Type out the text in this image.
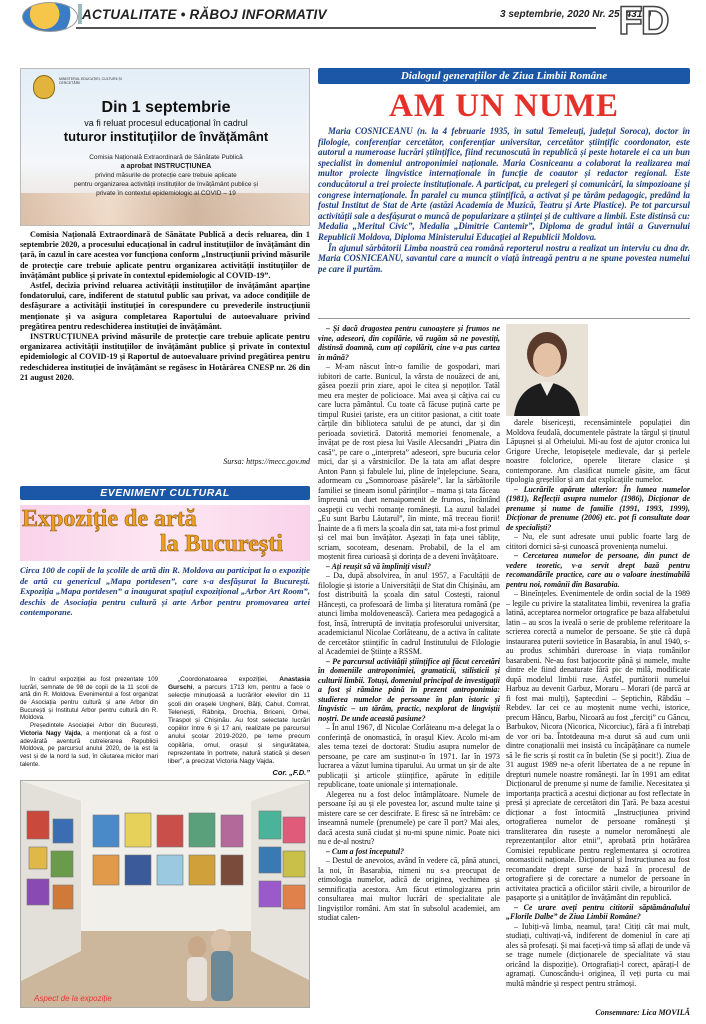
ACTUALITATE • RĂBOJ INFORMATIV	3 septembrie, 2020 Nr. 25 (4319)
FD
MINISTERUL EDUCAȚIEI, CULTURII ȘI CERCETĂRII
Din 1 septembrie
va fi reluat procesul educațional în cadrul
tuturor instituțiilor de învățământ
Comisia Națională Extraordinară de Sănătate Publică
a aprobat INSTRUCȚIUNEA
privind măsurile de protecție care trebuie aplicate
pentru organizarea activității instituțiilor de învățământ publice și
private în contextul epidemiologic al COVID – 19

Comisia Națională Extraordinară de Sănătate Publică a decis reluarea, din 1 septembrie 2020, a procesului educațional în cadrul instituțiilor de învățământ din țară, în cazul în care acestea vor funcționa conform „Instrucțiunii privind măsurile de protecție care trebuie aplicate pentru organizarea activității instituțiilor de învățământ publice și private în contextul epidemiologic al COVID-19”.

Astfel, decizia privind reluarea activității instituțiilor de învățământ aparține fondatorului, care, indiferent de statutul public sau privat, va adoce condițiile de desfășurare a activității instituției în corespundere cu prevederile instrucțiunii menționate și va asigura completarea Raportului de autoevaluare privind pregătirea pentru redeschiderea instituției de învățământ.

INSTRUCȚIUNEA privind măsurile de protecție care trebuie aplicate pentru organizarea activității instituțiilor de învățământ publice și private în contextul epidemiologic al COVID-19 și Raportul de autoevaluare privind pregătirea pentru redeschiderea instituției de învățământ se regăsesc în Hotărârea CNESP nr. 26 din 21 august 2020.

Sursa: https://mecc.gov.md
EVENIMENT CULTURAL
Expoziție de artă
la București
Circa 100 de copii de la școlile de artă din R. Moldova au participat la o expoziție de artă cu genericul „Mapa portdesen”, care s-a desfășurat la București. Expoziția „Mapa portdesen” a inaugurat spațiul expozițional „Arbor Art Room”, deschis de Asociația pentru cultură și arte Arbor pentru promovarea artei contemporane.

În cadrul expoziției au fost prezentate 109 lucrări, semnate de 98 de copii de la 11 școli de artă din R. Moldova. Evenimentul a fost organizat de Asociația pentru cultură și arte Arbor din București și Institutul Arbor pentru cultură din R. Moldova.

Președintele Asociației Arbor din București, Victoria Nagy Vajda, a menționat că a fost o adevărată aventură cutreierarea Republicii Moldova, pe parcursul anului 2020, de la est la vest și de la nord la sud, în căutarea micilor mari talente.

„Coordonatoarea expoziției, Anastasia Gurschi, a parcurs 1713 km, pentru a face o selecție minuțioasă a lucrărilor elevilor din 11 școli din orașele Ungheni, Bălți, Cahul, Comrat, Telenești, Râbnița, Drochia, Briceni, Orhei, Tiraspol și Chișinău. Au fost selectate lucrări copiilor între 6 și 17 ani, realizate pe parcursul anului școlar 2019-2020, pe teme precum copilăria, omul, orașul și singurătatea, reprezentate în portrete, natură statică și desen liber”, a precizat Victoria Nagy Vajda.

Cor. „F.D.”
Aspect de la expoziție
Dialogul generațiilor de Ziua Limbii Române
AM UN NUME

Maria COSNICEANU (n. la 4 februarie 1935, în satul Temeleuți, județul Soroca), doctor în filologie, conferențiar cercetător, conferențiar universitar, cercetător științific coordonator, este autorul a numeroase lucrări științifice, fiind recunoscută în republică și peste hotarele ei ca un bun specialist în domeniul antroponimiei naționale. Maria Cosniceanu a colaborat la realizarea mai multor proiecte lingvistice internaționale în funcție de coautor și redactor regional. Este conducătorul a trei proiecte instituționale. A participat, cu prelegeri și comunicări, la simpozioane și congrese internaționale. În paralel cu munca științifică, a activat și pe tărâm pedagogic, predând la fostul Institut de Stat de Arte (astăzi Academia de Muzică, Teatru și Arte Plastice). Pe tot parcursul activității sale a desfășurat o muncă de popularizare a științei și de cultivare a limbii. Este distinsă cu: Medalia „Meritul Civic”, Medalia „Dimitrie Cantemir”, Diploma de gradul întâi a Guvernului Republicii Moldova, Diploma Ministerului Educației al Republicii Moldova.

În ajunul sărbătorii Limba noastră cea română reporterul nostru a realizat un interviu cu dna dr. Maria COSNICEANU, savantul care a muncit o viață întreagă pentru a ne spune povestea numelui pe care îl purtăm.

– Și dacă dragostea pentru cunoaștere și frumos ne vine, adeseori, din copilărie, vă rugăm să ne povestiți, distinsă doamnă, cum ați copilărit, cine v-a pus cartea în mână?

– M-am născut într-o familie de gospodari, mari iubitori de carte. Bunicul, la vârsta de nouăzeci de ani, găsea poezii prin ziare, apoi le citea și nepoților. Tatăl meu era meșter de policioace. Mai avea și câțiva cai cu care lucra pământul. Cu toate că făcuse puțină carte pe timpul Rusiei țariste, era un cititor pasionat, a citit toate cărțile din biblioteca satului de pe atunci, dar și din perioada sovietică. Datorită memoriei fenomenale, a învățat pe de rost piesa lui Vasile Alecsandri „Piatra din casă”, pe care o „interpreta” adeseori, spre bucuria celor mici, dar și a vârstnicilor. De la tata am aflat despre Anton Pann și fabulele lui, pline de înțelepciune. Seara, adormeam cu „Somnoroase păsărele”. Iar la sărbătorile familiei se țineam isonul părinților – mama și tata făceau împreună un duet nemaipomenit de frumos, încântând oaspeții cu vechi romanțe românești. La auzul baladei „Eu sunt Barbu Lăutarul”, îin minte, mă treceau fiorii! Înainte de a fi mers la școala din sat, tata mi-a fost primul și cel mai bun învățător. Așezați în fața unei tăblițe, scriam, socoteam, desenam. Probabil, de la el am moștenit firea curioasă și dorința de a deveni învățătoare.

– Ați reușit să vă împliniți visul?

– Da, după absolvirea, în anul 1957, a Facultății de filologie și istorie a Universității de Stat din Chișinău, am fost distribuită la școala din satul Costești, raionul Hâncești, ca profesoară de limba și literatura română (pe atunci limba moldovenească). Cariera mea pedagogică a fost, însă, întreruptă de invitația profesorului universitar, academicianul Nicolae Corlăteanu, de a activa în calitate de cercetător științific în cadrul Institutului de Filologie al Academiei de Științe a RSSM.

– Pe parcursul activității științifice ați făcut cercetări în domeniile antroponimiei, gramaticii, stilisticii și culturii limbii. Totuși, domeniul principal de investigații a fost și rămâne până în prezent antroponimia: studierea numelor de persoane în plan istoric și lingvistic – un tărâm, practic, nexplorat de lingviștii noștri. De unde această pasiune?

– În anul 1967, dl Nicolae Corlăteanu m-a delegat la o conferință de onomastică, în orașul Kiev. Acolo mi-am ales tema tezei de doctorat: Studiu asupra numelor de persoane, pe care am susținut-o în 1971. Iar în 1973 lucrarea a văzut lumina tiparului. Au urmat un șir de alte publicații și articole științifice, apărute în edițiile republicane, toate unionale și internaționale.

Alegerea nu a fost deloc întâmplătoare. Numele de persoane își au și ele povestea lor, ascund multe taine și mistere care se cer descifrate. E firesc să ne întrebăm: ce înseamnă numele (prenumele) pe care îl port? Mai ales, dacă acesta sună ciudat și nu-mi spune nimic. Poate nici nu e de-al nostru?

– Cum a fost începutul?

– Destul de anevoios, având în vedere că, până atunci, la noi, în Basarabia, nimeni nu s-a preocupat de etimologia numelor, adică de originea, vechimea și semnificația acestora. Am făcut etimologizarea prin consultarea mai multor lucrări de specialitate ale lingviștilor români. Am stat în subsolul academiei, am studiat calen-

darele bisericești, recensămintele populației din Moldova feudală, documentele păstrate la târgul și ținutul Lăpușnei și al Orheiului. Mi-au fost de ajutor cronica lui Grigore Ureche, letopisețele medievale, dar și perlele noastre folclorice, operele literare clasice și contemporane. Am clasificat numele găsite, am făcut tipologia greșelilor și am dat explicațiile numelor.

– Lucrările apărute ulterior: În lumea numelor (1981), Reflecții asupra numelor (1986), Dicționar de prenume și nume de familie (1991, 1993, 1999), Dicționar de prenume (2006) etc. pot fi consultate doar de specialiști?

– Nu, ele sunt adresate unui public foarte larg de cititori dornici să-și cunoască proveniența numelui.

– Cercetarea numelor de persoane, din punct de vedere teoretic, v-a servit drept bază pentru recomandările practice, care au o valoare inestimabilă pentru noi, românii din Basarabia.

– Bineînțeles. Evenimentele de ordin social de la 1989 – legile cu privire la statalitatea limbii, revenirea la grafia latină, acceptarea normelor ortografice pe baza alfabetului latin – au scos la iveală o serie de probleme referitoare la scrierea corectă a numelor de persoane. Se știe că după instaurarea puterii sovietice în Basarabia, în anul 1940, s-au produs schimbări dureroase în viața românilor basarabeni. Ne-au fost batjocorite până și numele, multe dintre ele fiind denaturate fără pic de milă, modificate după modelul limbii ruse. Astfel, purtătorii numelui Harbuz au devenit Garbuz, Moraru – Morari (de parcă ar fi fost mai mulți), Șaptecdini – Șeptichin, Râbdău – Rebdev. Iar cei ce au moștenit nume vechi, istorice, precum Hâncu, Barbu, Nicoară au fost „ferciți” cu Găncu, Barbukov, Nicora (Nicorica, Nicorciuc), fără a fi întrebați de vor ori ba. Întotdeauna m-a durut să aud cum unii dintre conaționalii mei insistă cu încăpățânare ca numele să le fie scris și rostit ca în buletin (Se și pocit!). Ziua de 31 august 1989 ne-a oferit libertatea de a ne repune în drepturi numele noastre românești. Iar în 1991 am editat Dicționarul de prenume și nume de familie. Necesitatea și importanța practică a acestui dicționar au fost reflectate în presă și apreciate de cercetători din Țară. Pe baza acestui dicționar a fost întocmită „Instrucțiunea privind ortografierea numelor de persoane românești și transliterarea din rusește a numelor neromânești ale reprezentanților altor etnii”, aprobată prin hotărârea Comisiei republicane pentru reglementarea și ocrotirea onomasticii naționale. Dicționarul și Instrucțiunea au fost recomandate drept surse de bază în procesul de ortografiere și de corectare a numelor de persoane în activitatea practică a oficiilor stării civile, a birourilor de pașaporte și a unităților de învățământ din republică.

– Ce urare aveți pentru cititorii săptămânalului „Florile Dalbe” de Ziua Limbii Române?

– Iubiți-vă limba, neamul, țara! Citiți cât mai mult, studiați, cultivați-vă, indiferent de domeniul în care ați ales să profesați. Și mai faceți-vă timp să aflați de unde vă se trage numele (dicționarele de specialitate vă stau oricând la dispoziție). Ortografiați-l corect, apărați-l de agramați. Cunoscându-i originea, îl veți purta cu mai multă mândrie și respect pentru strămoși.

Consemnare: Lica MOVILĂ
